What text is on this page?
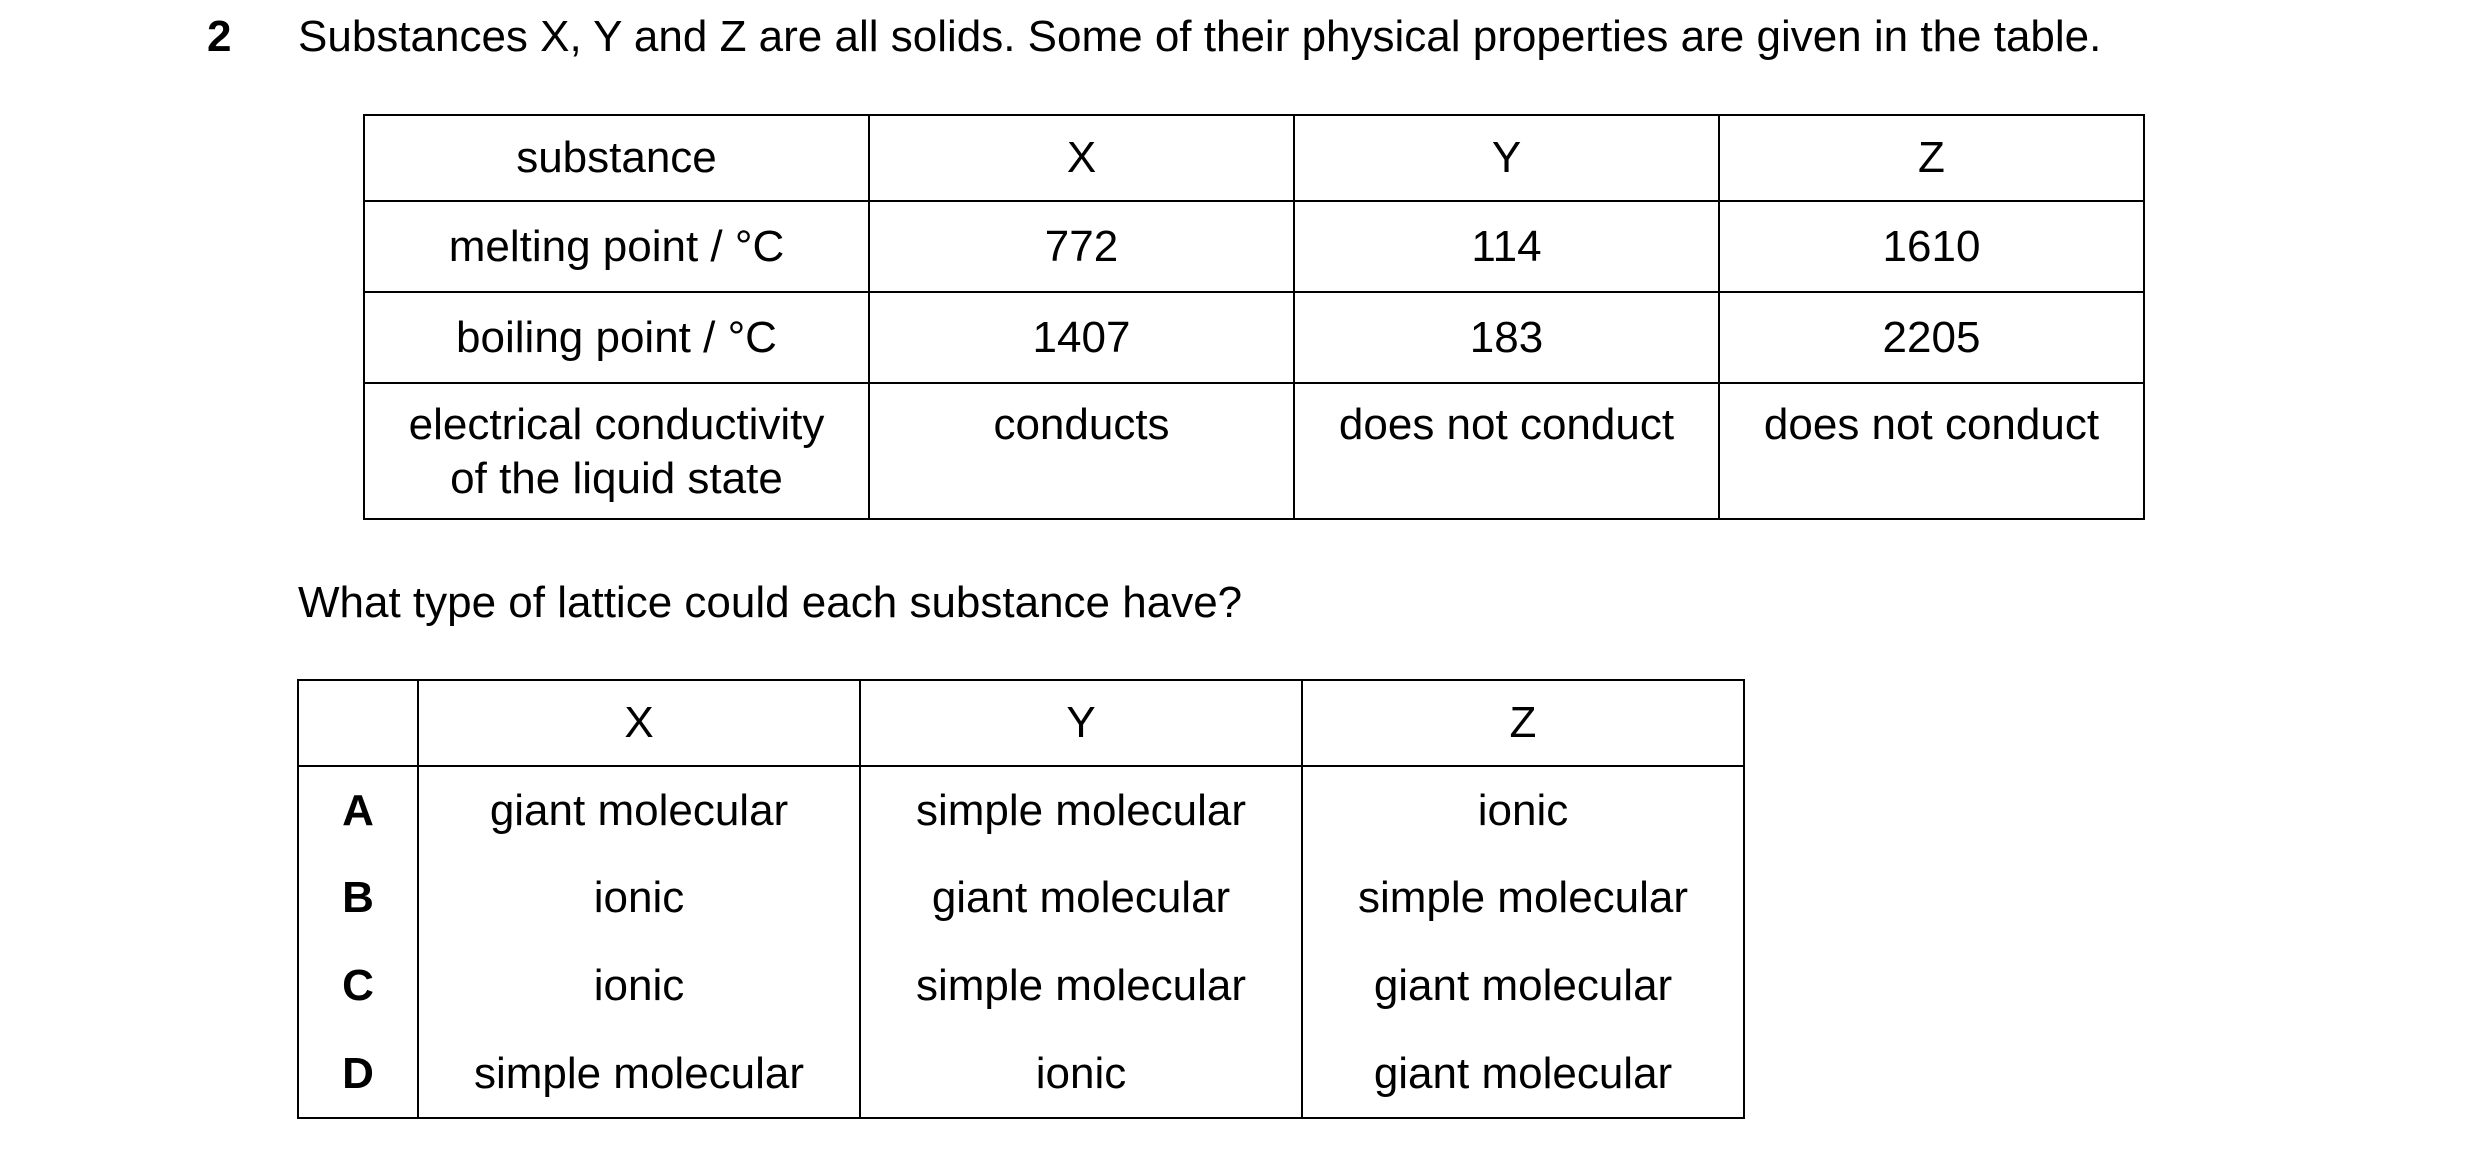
2 Substances X, Y and Z are all solids. Some of their physical properties are given in the table.
substance	X	Y	Z
melting point / °C	772	114	1610
boiling point / °C	1407	183	2205

electrical conductivity
of the liquid state	conducts	does not conduct	does not conduct
What type of lattice could each substance have?
	X	Y	Z
A	giant molecular	simple molecular	ionic
B	ionic	giant molecular	simple molecular
C	ionic	simple molecular	giant molecular
D	simple molecular	ionic	giant molecular
